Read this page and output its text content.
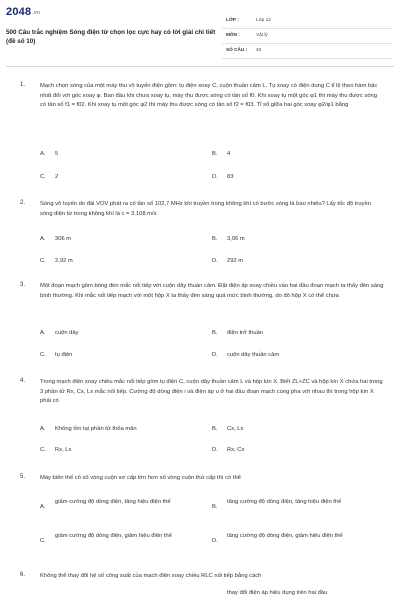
2048.vn
500 Câu trắc nghiệm Sóng điện từ chọn lọc cực hay có lời giải chi tiết (đề số 10)
LỚP :	Lớp 12
MÔN :	Vật lý
SỐ CÂU : 40
1.	Mạch chọn sóng của một máy thu vô tuyến điện gồm: tụ điện xoay C, cuộn thuần cảm L. Tụ xoay có điện dung C tỉ lệ theo hàm bậc nhất đối với góc xoay φ. Ban đầu khi chưa xoay tụ, máy thu được sóng có tần số f0. Khi xoay tụ một góc φ1 thì máy thu được sóng có tần số f1 = f02. Khi xoay tụ một góc φ2 thì máy thu được sóng có tần số f2 = f03. Tỉ số giữa hai góc xoay φ2/φ1 bằng
A. 5	B. 4
C. 2	D. 83
2.	Sóng vô tuyến do đài VOV phát ra có tần số 102,7 MHz khi truyền trong không khí có bước sóng là bao nhiêu? Lấy tốc độ truyền sóng điện từ trong không khí là c = 3.108 m/s
A. 306 m	B. 3,06 m
C. 2,92 m	D. 292 m
3.	Một đoạn mạch gồm bóng đèn mắc nối tiếp với cuộn dây thuần cảm. Đặt điện áp xoay chiều vào hai đầu đoạn mạch ta thấy đèn sáng bình thường. Khi mắc nối tiếp mạch với một hộp X ta thấy đèn sáng quá mức bình thường, do đó hộp X có thể chứa
A. cuộn dây	B. điện trở thuần
C. tụ điện	D. cuộn dây thuần cảm
4.	Trong mạch điện xoay chiều mắc nối tiếp gồm tụ điện C, cuộn dây thuần cảm L và hộp kín X. Biết ZL>ZC và hộp kín X chứa hai trong 3 phần tử Rx, Cx, Lx mắc nối tiếp. Cường độ dòng điện i và điện áp u ở hai đầu đoạn mạch cùng pha với nhau thì trong hộp kín X phải có
A. Không tồn tại phần tử thỏa mãn	B. Cx, Lx
C. Rx, Lx	D. Rx, Cx
5.	Máy biến thế có số vòng cuộn sơ cấp lớn hơn số vòng cuộn thứ cấp thì có thể
A.
giảm cường độ dòng điện, tăng hiệu điện thế
B.
tăng cường độ dòng điện, tăng hiệu điện thế
C.
giảm cường độ dòng điện, giảm hiệu điện thế
D.
tăng cường độ dòng điện, giảm hiệu điện thế
6.	Không thể thay đổi hệ số công suất của mạch điện xoay chiều RLC nối tiếp bằng cách
thay đổi điện áp hiệu dụng trên hai đầu
